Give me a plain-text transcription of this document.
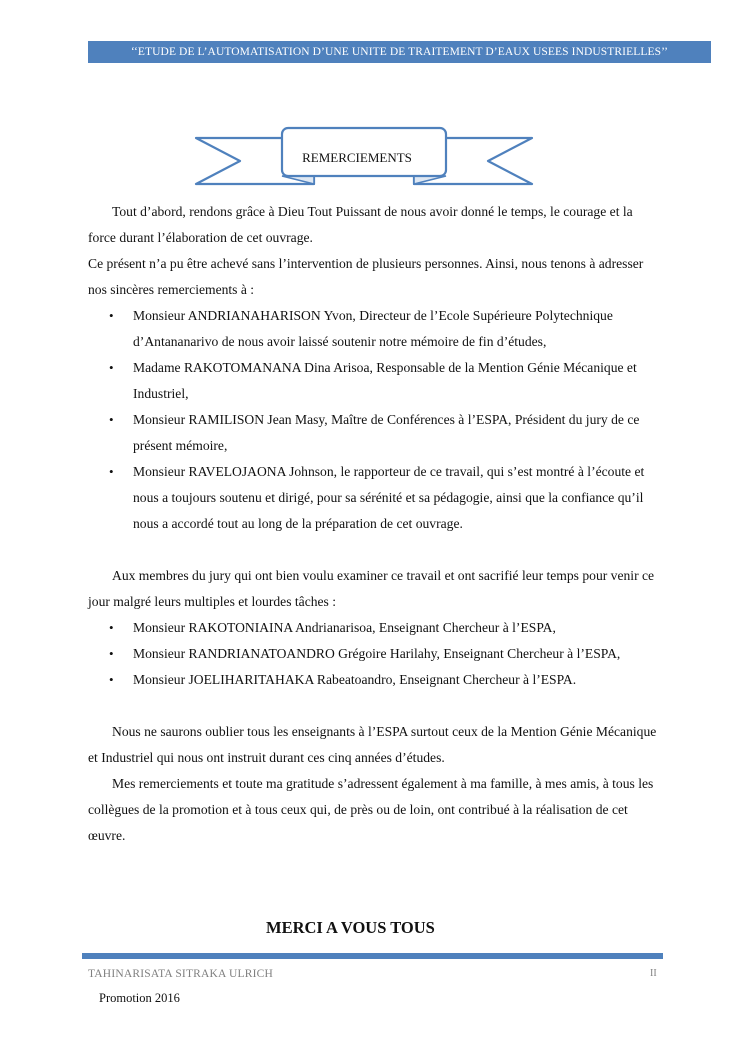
‘‘ETUDE DE L’AUTOMATISATION D’UNE UNITE DE TRAITEMENT D’EAUX USEES INDUSTRIELLES’’
REMERCIEMENTS

Tout d’abord, rendons grâce à Dieu Tout Puissant de nous avoir donné le temps, le courage et la force durant l’élaboration de cet ouvrage.

Ce présent n’a pu être achevé sans l’intervention de plusieurs personnes. Ainsi, nous tenons à adresser nos sincères remerciements à :

• Monsieur ANDRIANAHARISON Yvon, Directeur de l’Ecole Supérieure Polytechnique d’Antananarivo de nous avoir laissé soutenir notre mémoire de fin d’études,
• Madame RAKOTOMANANA Dina Arisoa, Responsable de la Mention Génie Mécanique et Industriel,
• Monsieur RAMILISON Jean Masy, Maître de Conférences à l’ESPA, Président du jury de ce présent mémoire,
• Monsieur RAVELOJAONA Johnson, le rapporteur de ce travail, qui s’est montré à l’écoute et nous a toujours soutenu et dirigé, pour sa sérénité et sa pédagogie, ainsi que la confiance qu’il nous a accordé tout au long de la préparation de cet ouvrage.

Aux membres du jury qui ont bien voulu examiner ce travail et ont sacrifié leur temps pour venir ce jour malgré leurs multiples et lourdes tâches :

• Monsieur RAKOTONIAINA Andrianarisoa, Enseignant Chercheur à l’ESPA,
• Monsieur RANDRIANATOANDRO Grégoire Harilahy, Enseignant Chercheur à l’ESPA,
• Monsieur JOELIHARITAHAKA Rabeatoandro, Enseignant Chercheur à l’ESPA.

Nous ne saurons oublier tous les enseignants à l’ESPA surtout ceux de la Mention Génie Mécanique et Industriel qui nous ont instruit durant ces cinq années d’études.

Mes remerciements et toute ma gratitude s’adressent également à ma famille, à mes amis, à tous les collègues de la promotion et à tous ceux qui, de près ou de loin, ont contribué à la réalisation de cet œuvre.

MERCI A VOUS TOUS
TAHINARISATA SITRAKA ULRICH	II
Promotion 2016
